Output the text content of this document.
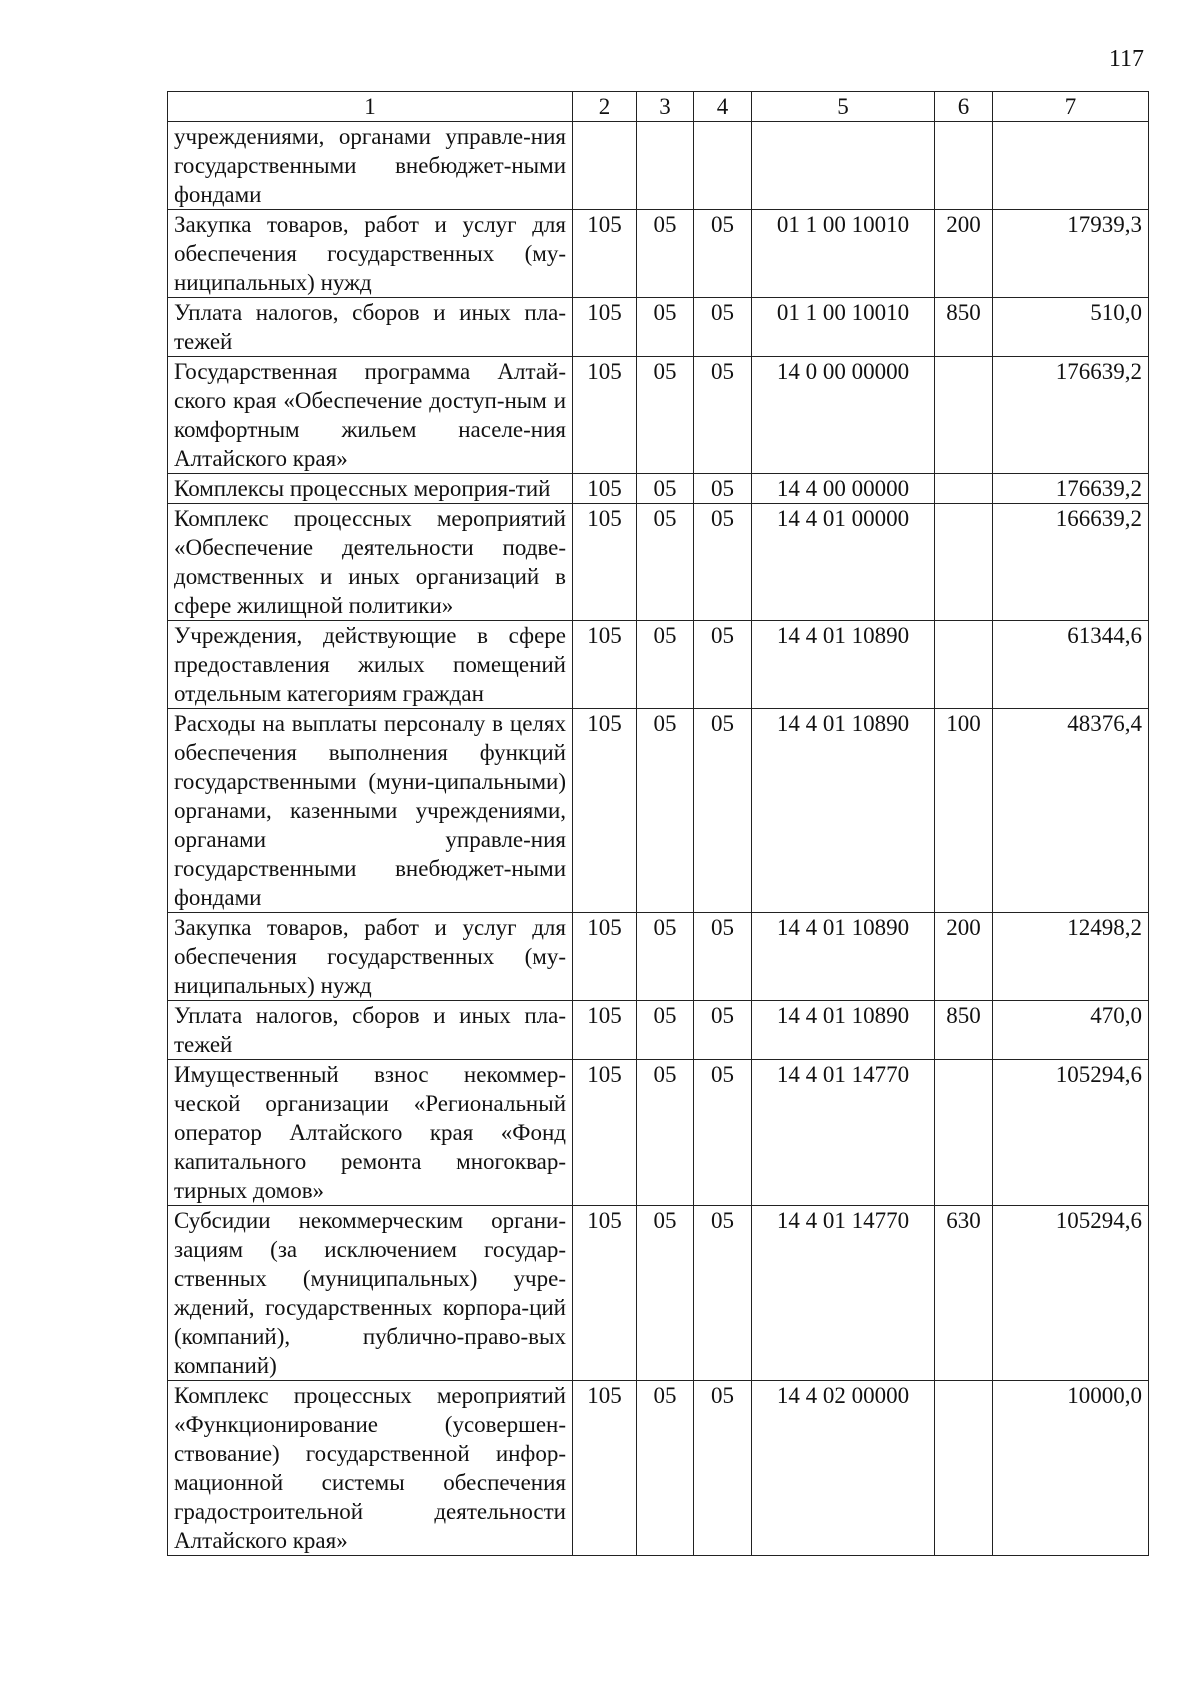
117
1	2	3	4	5	6	7
учреждениями, органами управле-ния государственными внебюджет-ными фондами						
Закупка товаров, работ и услуг для обеспечения государственных (му-ниципальных) нужд	105	05	05	01 1 00 10010	200	17939,3
Уплата налогов, сборов и иных пла-тежей	105	05	05	01 1 00 10010	850	510,0
Государственная программа Алтай-ского края «Обеспечение доступ-ным и комфортным жильем населе-ния Алтайского края»	105	05	05	14 0 00 00000		176639,2
Комплексы процессных мероприя-тий	105	05	05	14 4 00 00000		176639,2
Комплекс процессных мероприятий «Обеспечение деятельности подве-домственных и иных организаций в сфере жилищной политики»	105	05	05	14 4 01 00000		166639,2
Учреждения, действующие в сфере предоставления жилых помещений отдельным категориям граждан	105	05	05	14 4 01 10890		61344,6
Расходы на выплаты персоналу в целях обеспечения выполнения функций государственными (муни-ципальными) органами, казенными учреждениями, органами управле-ния государственными внебюджет-ными фондами	105	05	05	14 4 01 10890	100	48376,4
Закупка товаров, работ и услуг для обеспечения государственных (му-ниципальных) нужд	105	05	05	14 4 01 10890	200	12498,2
Уплата налогов, сборов и иных пла-тежей	105	05	05	14 4 01 10890	850	470,0
Имущественный взнос некоммер-ческой организации «Региональный оператор Алтайского края «Фонд капитального ремонта многоквар-тирных домов»	105	05	05	14 4 01 14770		105294,6
Субсидии некоммерческим органи-зациям (за исключением государ-ственных (муниципальных) учре-ждений, государственных корпора-ций (компаний), публично-право-вых компаний)	105	05	05	14 4 01 14770	630	105294,6
Комплекс процессных мероприятий «Функционирование (усовершен-ствование) государственной инфор-мационной системы обеспечения градостроительной деятельности Алтайского края»	105	05	05	14 4 02 00000		10000,0
